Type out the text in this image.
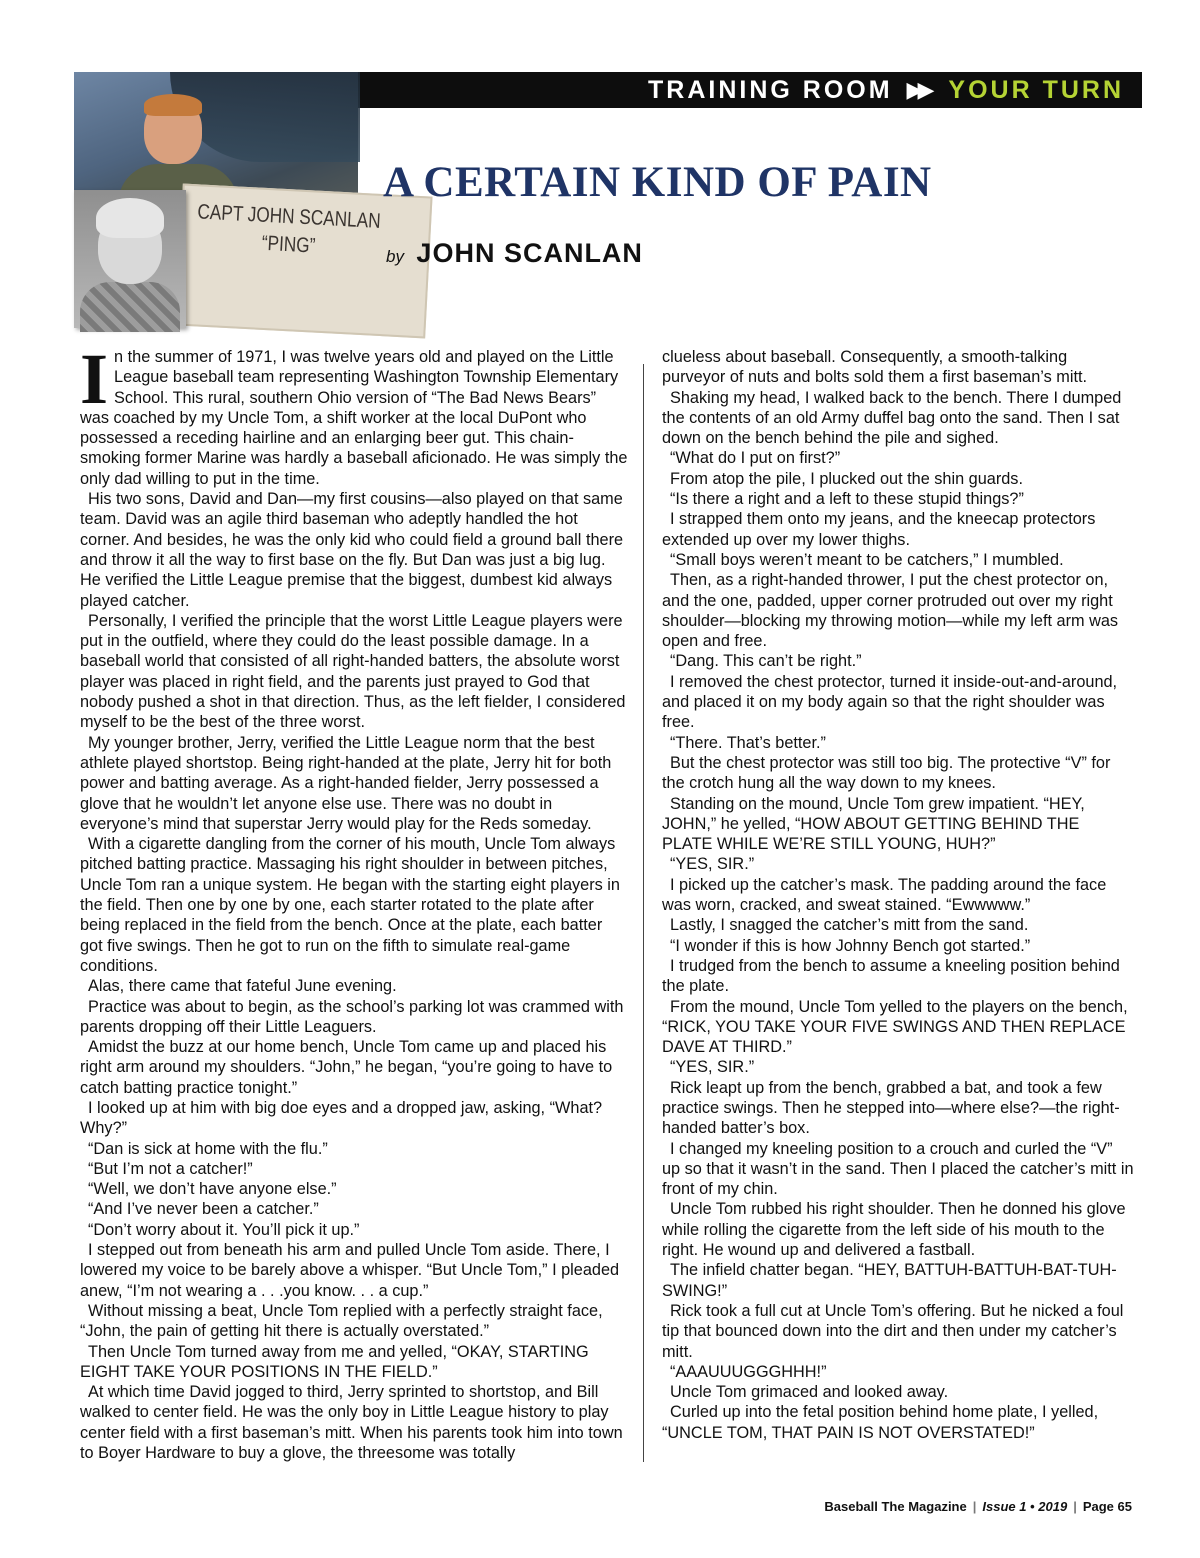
TRAINING ROOM ▶▶ YOUR TURN
CAPT JOHN SCANLAN
“PING”
A CERTAIN KIND OF PAIN
by JOHN SCANLAN

In the summer of 1971, I was twelve years old and played on the Little League baseball team representing Washington Township Elementary School. This rural, southern Ohio version of “The Bad News Bears” was coached by my Uncle Tom, a shift worker at the local DuPont who possessed a receding hairline and an enlarging beer gut. This chain-smoking former Marine was hardly a baseball aficionado. He was simply the only dad willing to put in the time.

His two sons, David and Dan—my first cousins—also played on that same team. David was an agile third baseman who adeptly handled the hot corner. And besides, he was the only kid who could field a ground ball there and throw it all the way to first base on the fly. But Dan was just a big lug. He verified the Little League premise that the biggest, dumbest kid always played catcher.

Personally, I verified the principle that the worst Little League players were put in the outfield, where they could do the least possible damage. In a baseball world that consisted of all right-handed batters, the absolute worst player was placed in right field, and the parents just prayed to God that nobody pushed a shot in that direction. Thus, as the left fielder, I considered myself to be the best of the three worst.

My younger brother, Jerry, verified the Little League norm that the best athlete played shortstop. Being right-handed at the plate, Jerry hit for both power and batting average. As a right-handed fielder, Jerry possessed a glove that he wouldn’t let anyone else use. There was no doubt in everyone’s mind that superstar Jerry would play for the Reds someday.

With a cigarette dangling from the corner of his mouth, Uncle Tom always pitched batting practice. Massaging his right shoulder in between pitches, Uncle Tom ran a unique system. He began with the starting eight players in the field. Then one by one by one, each starter rotated to the plate after being replaced in the field from the bench. Once at the plate, each batter got five swings. Then he got to run on the fifth to simulate real-game conditions.

Alas, there came that fateful June evening.

Practice was about to begin, as the school’s parking lot was crammed with parents dropping off their Little Leaguers.

Amidst the buzz at our home bench, Uncle Tom came up and placed his right arm around my shoulders. “John,” he began, “you’re going to have to catch batting practice tonight.”

I looked up at him with big doe eyes and a dropped jaw, asking, “What? Why?”

“Dan is sick at home with the flu.”

“But I’m not a catcher!”

“Well, we don’t have anyone else.”

“And I’ve never been a catcher.”

“Don’t worry about it. You’ll pick it up.”

I stepped out from beneath his arm and pulled Uncle Tom aside. There, I lowered my voice to be barely above a whisper. “But Uncle Tom,” I pleaded anew, “I’m not wearing a . . .you know. . . a cup.”

Without missing a beat, Uncle Tom replied with a perfectly straight face, “John, the pain of getting hit there is actually overstated.”

Then Uncle Tom turned away from me and yelled, “OKAY, STARTING EIGHT TAKE YOUR POSITIONS IN THE FIELD.”

At which time David jogged to third, Jerry sprinted to shortstop, and Bill walked to center field. He was the only boy in Little League history to play center field with a first baseman’s mitt. When his parents took him into town to Boyer Hardware to buy a glove, the threesome was totally

clueless about baseball. Consequently, a smooth-talking purveyor of nuts and bolts sold them a first baseman’s mitt.

Shaking my head, I walked back to the bench. There I dumped the contents of an old Army duffel bag onto the sand. Then I sat down on the bench behind the pile and sighed.

“What do I put on first?”

From atop the pile, I plucked out the shin guards.

“Is there a right and a left to these stupid things?”

I strapped them onto my jeans, and the kneecap protectors extended up over my lower thighs.

“Small boys weren’t meant to be catchers,” I mumbled.

Then, as a right-handed thrower, I put the chest protector on, and the one, padded, upper corner protruded out over my right shoulder—blocking my throwing motion—while my left arm was open and free.

“Dang. This can’t be right.”

I removed the chest protector, turned it inside-out-and-around, and placed it on my body again so that the right shoulder was free.

“There. That’s better.”

But the chest protector was still too big. The protective “V” for the crotch hung all the way down to my knees.

Standing on the mound, Uncle Tom grew impatient. “HEY, JOHN,” he yelled, “HOW ABOUT GETTING BEHIND THE PLATE WHILE WE’RE STILL YOUNG, HUH?”

“YES, SIR.”

I picked up the catcher’s mask. The padding around the face was worn, cracked, and sweat stained. “Ewwwww.”

Lastly, I snagged the catcher’s mitt from the sand.

“I wonder if this is how Johnny Bench got started.”

I trudged from the bench to assume a kneeling position behind the plate.

From the mound, Uncle Tom yelled to the players on the bench, “RICK, YOU TAKE YOUR FIVE SWINGS AND THEN REPLACE DAVE AT THIRD.”

“YES, SIR.”

Rick leapt up from the bench, grabbed a bat, and took a few practice swings. Then he stepped into—where else?—the right-handed batter’s box.

I changed my kneeling position to a crouch and curled the “V” up so that it wasn’t in the sand. Then I placed the catcher’s mitt in front of my chin.

Uncle Tom rubbed his right shoulder. Then he donned his glove while rolling the cigarette from the left side of his mouth to the right. He wound up and delivered a fastball.

The infield chatter began. “HEY, BATTUH-BATTUH-BAT-TUH-SWING!”

Rick took a full cut at Uncle Tom’s offering. But he nicked a foul tip that bounced down into the dirt and then under my catcher’s mitt.

“AAAUUUGGGHHH!”

Uncle Tom grimaced and looked away.

Curled up into the fetal position behind home plate, I yelled, “UNCLE TOM, THAT PAIN IS NOT OVERSTATED!”

Baseball The Magazine | Issue 1 • 2019 | Page 65
